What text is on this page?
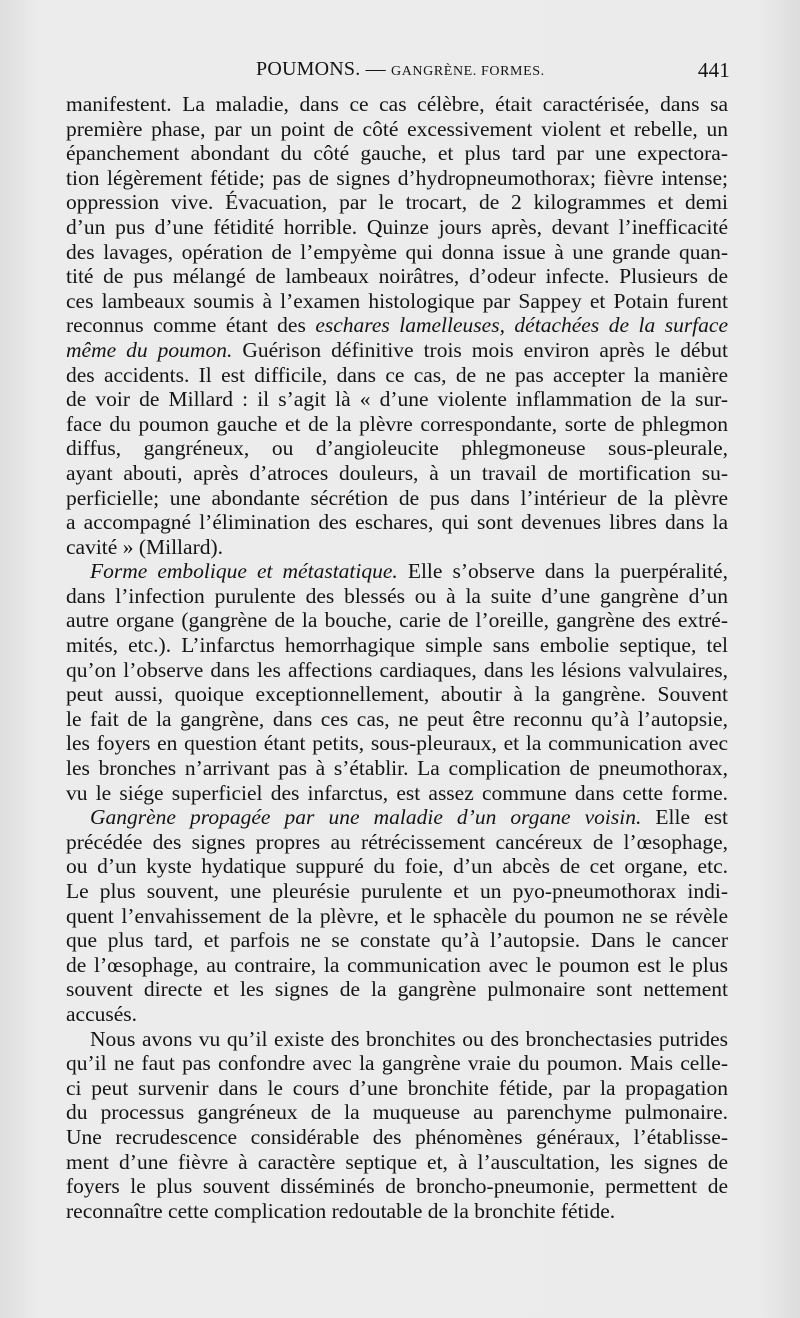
POUMONS. — GANGRÈNE. FORMES.	441
manifestent. La maladie, dans ce cas célèbre, était caractérisée, dans sa
première phase, par un point de côté excessivement violent et rebelle, un
épanchement abondant du côté gauche, et plus tard par une expectora-
tion légèrement fétide; pas de signes d’hydropneumothorax; fièvre intense;
oppression vive. Évacuation, par le trocart, de 2 kilogrammes et demi
d’un pus d’une fétidité horrible. Quinze jours après, devant l’inefficacité
des lavages, opération de l’empyème qui donna issue à une grande quan-
tité de pus mélangé de lambeaux noirâtres, d’odeur infecte. Plusieurs de
ces lambeaux soumis à l’examen histologique par Sappey et Potain furent
reconnus comme étant des eschares lamelleuses, détachées de la surface
même du poumon. Guérison définitive trois mois environ après le début
des accidents. Il est difficile, dans ce cas, de ne pas accepter la manière
de voir de Millard : il s’agit là « d’une violente inflammation de la sur-
face du poumon gauche et de la plèvre correspondante, sorte de phlegmon
diffus, gangréneux, ou d’angioleucite phlegmoneuse sous-pleurale,
ayant abouti, après d’atroces douleurs, à un travail de mortification su-
perficielle; une abondante sécrétion de pus dans l’intérieur de la plèvre
a accompagné l’élimination des eschares, qui sont devenues libres dans la
cavité » (Millard).
Forme embolique et métastatique. Elle s’observe dans la puerpéralité,
dans l’infection purulente des blessés ou à la suite d’une gangrène d’un
autre organe (gangrène de la bouche, carie de l’oreille, gangrène des extré-
mités, etc.). L’infarctus hemorrhagique simple sans embolie septique, tel
qu’on l’observe dans les affections cardiaques, dans les lésions valvulaires,
peut aussi, quoique exceptionnellement, aboutir à la gangrène. Souvent
le fait de la gangrène, dans ces cas, ne peut être reconnu qu’à l’autopsie,
les foyers en question étant petits, sous-pleuraux, et la communication avec
les bronches n’arrivant pas à s’établir. La complication de pneumothorax,
vu le siége superficiel des infarctus, est assez commune dans cette forme.
Gangrène propagée par une maladie d’un organe voisin. Elle est
précédée des signes propres au rétrécissement cancéreux de l’œsophage,
ou d’un kyste hydatique suppuré du foie, d’un abcès de cet organe, etc.
Le plus souvent, une pleurésie purulente et un pyo-pneumothorax indi-
quent l’envahissement de la plèvre, et le sphacèle du poumon ne se révèle
que plus tard, et parfois ne se constate qu’à l’autopsie. Dans le cancer
de l’œsophage, au contraire, la communication avec le poumon est le plus
souvent directe et les signes de la gangrène pulmonaire sont nettement
accusés.
Nous avons vu qu’il existe des bronchites ou des bronchectasies putrides
qu’il ne faut pas confondre avec la gangrène vraie du poumon. Mais celle-
ci peut survenir dans le cours d’une bronchite fétide, par la propagation
du processus gangréneux de la muqueuse au parenchyme pulmonaire.
Une recrudescence considérable des phénomènes généraux, l’établisse-
ment d’une fièvre à caractère septique et, à l’auscultation, les signes de
foyers le plus souvent disséminés de broncho-pneumonie, permettent de
reconnaître cette complication redoutable de la bronchite fétide.
